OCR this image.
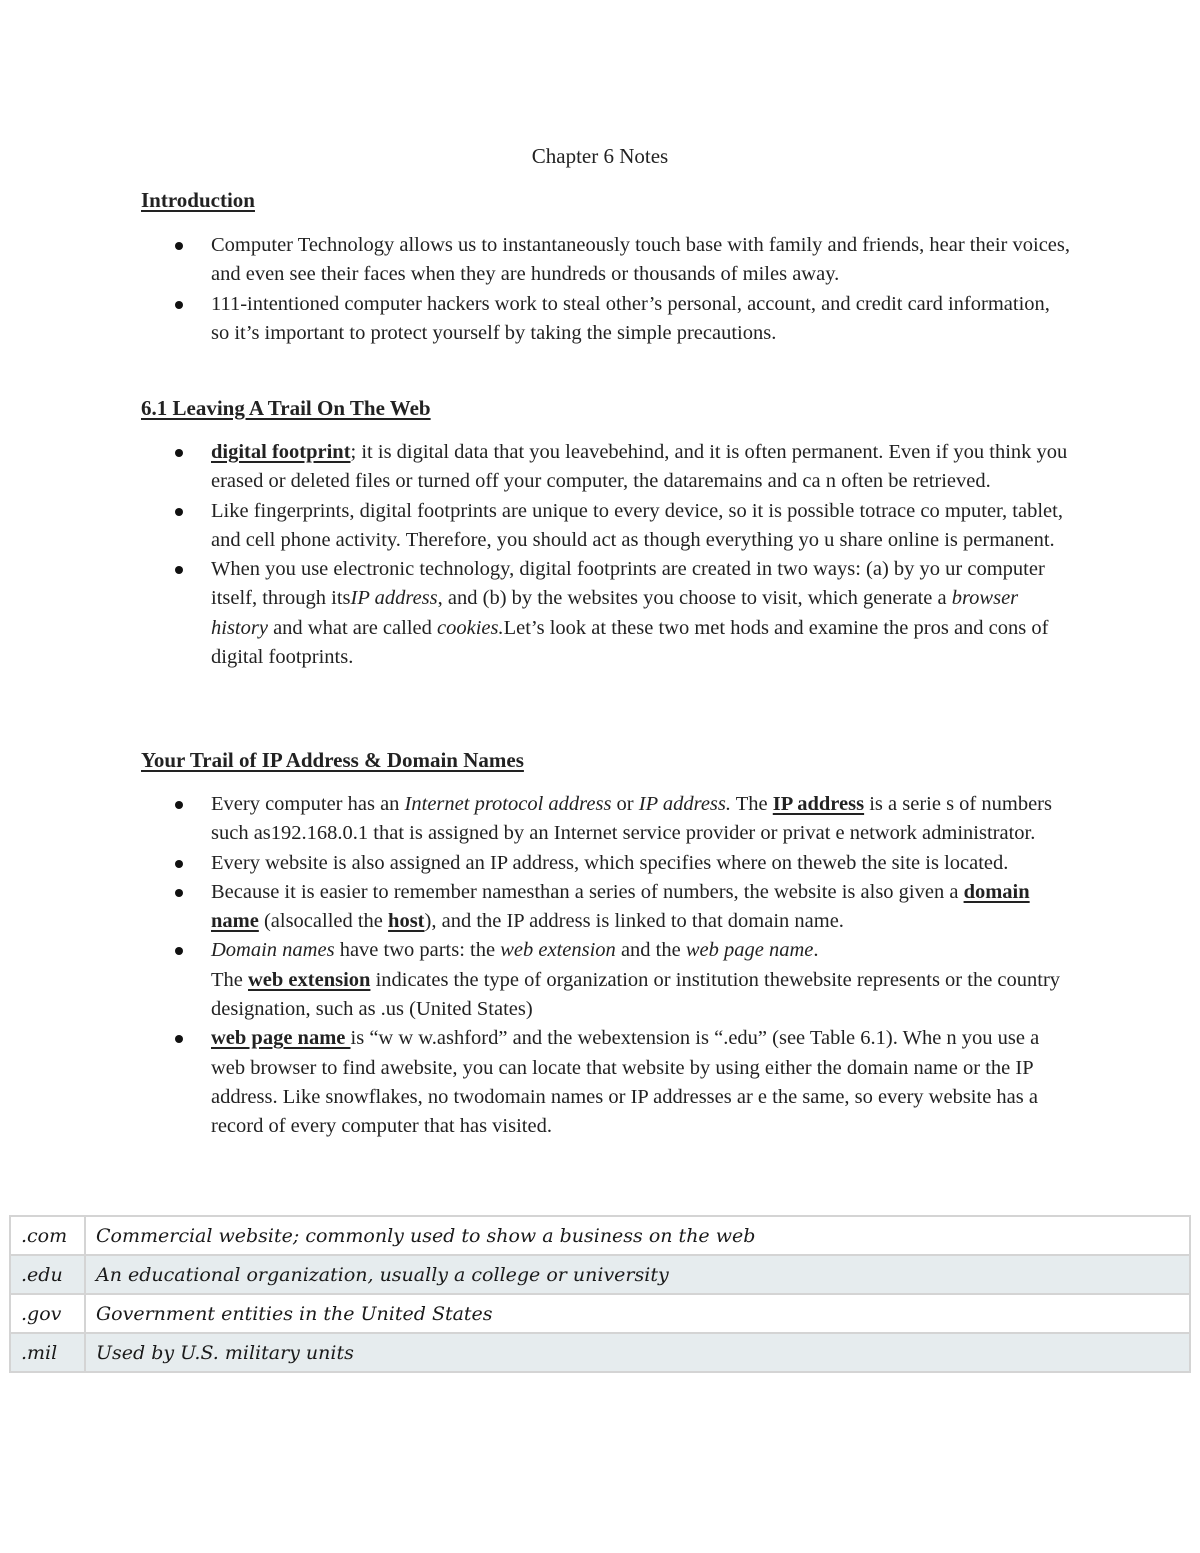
Chapter 6 Notes
Introduction
Computer Technology allows us to instantaneously touch base with family and friends, hear their voices, and even see their faces when they are hundreds or thousands of miles away.
111-intentioned computer hackers work to steal other’s personal, account, and credit card information, so it’s important to protect yourself by taking the simple precautions.
6.1 Leaving A Trail On The Web
digital footprint; it is digital data that you leavebehind, and it is often permanent. Even if you think you erased or deleted files or turned off your computer, the dataremains and ca n often be retrieved.
Like fingerprints, digital footprints are unique to every device, so it is possible totrace co mputer, tablet, and cell phone activity. Therefore, you should act as though everything yo u share online is permanent.
When you use electronic technology, digital footprints are created in two ways: (a) by yo ur computer itself, through itsIP address, and (b) by the websites you choose to visit, which generate a browser history and what are called cookies.Let’s look at these two met hods and examine the pros and cons of digital footprints.
Your Trail of IP Address & Domain Names
Every computer has an Internet protocol address or IP address. The IP address is a serie s of numbers such as192.168.0.1 that is assigned by an Internet service provider or privat e network administrator.
Every website is also assigned an IP address, which specifies where on theweb the site is located.
Because it is easier to remember namesthan a series of numbers, the website is also given a domain name (alsocalled the host), and the IP address is linked to that domain name.
Domain names have two parts: the web extension and the web page name.
The web extension indicates the type of organization or institution thewebsite represents or the country designation, such as .us (United States)
web page name is “w w w.ashford” and the webextension is “.edu” (see Table 6.1). Whe n you use a web browser to find awebsite, you can locate that website by using either the domain name or the IP address. Like snowflakes, no twodomain names or IP addresses ar e the same, so every website has a record of every computer that has visited.
.com	Commercial website; commonly used to show a business on the web
.edu	An educational organization, usually a college or university
.gov	Government entities in the United States
.mil	Used by U.S. military units
